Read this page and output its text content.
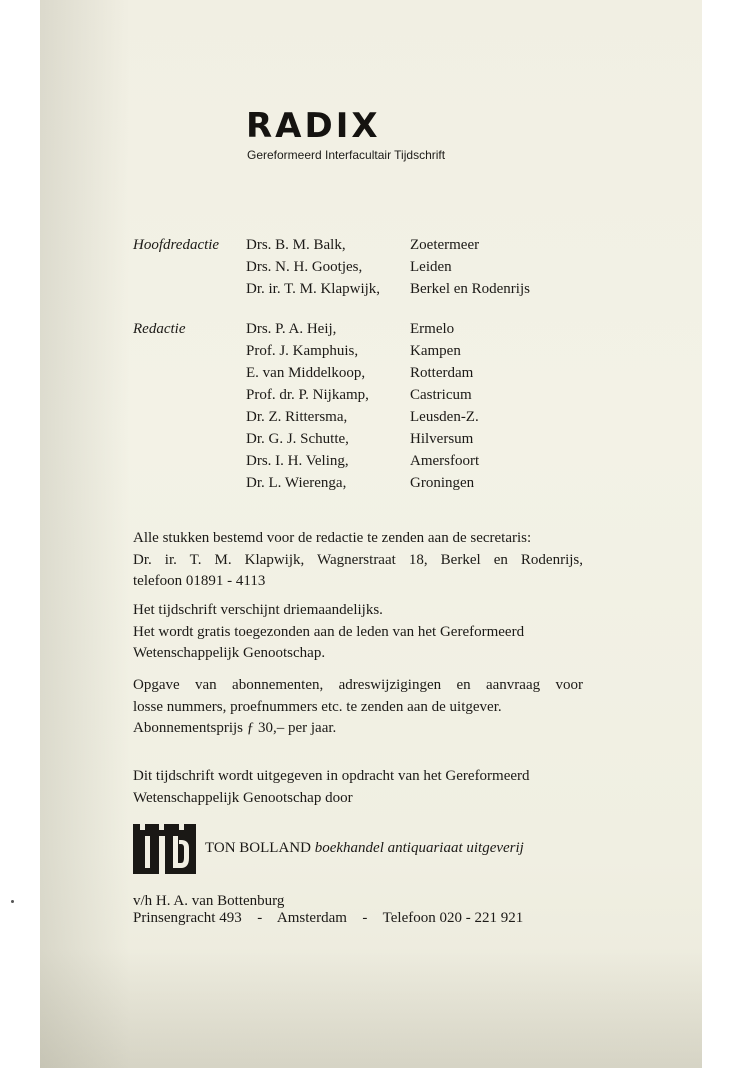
RADIX
Gereformeerd Interfacultair Tijdschrift
Hoofdredactie Drs. B. M. Balk,	Zoetermeer
Drs. N. H. Gootjes,	Leiden
Dr. ir. T. M. Klapwijk, Berkel en Rodenrijs
Redactie	Drs. P. A. Heij,	Ermelo
Prof. J. Kamphuis,	Kampen
E. van Middelkoop,	Rotterdam
Prof. dr. P. Nijkamp,	Castricum
Dr. Z. Rittersma,	Leusden-Z.
Dr. G. J. Schutte,	Hilversum
Drs. I. H. Veling,	Amersfoort
Dr. L. Wierenga,	Groningen
Alle stukken bestemd voor de redactie te zenden aan de secretaris:
Dr. ir. T. M. Klapwijk, Wagnerstraat 18, Berkel en Rodenrijs,
telefoon 01891 - 4113
Het tijdschrift verschijnt driemaandelijks.
Het wordt gratis toegezonden aan de leden van het Gereformeerd
Wetenschappelijk Genootschap.
Opgave van abonnementen, adreswijzigingen en aanvraag voor
losse nummers, proefnummers etc. te zenden aan de uitgever.
Abonnementsprijs ƒ 30,– per jaar.
Dit tijdschrift wordt uitgegeven in opdracht van het Gereformeerd
Wetenschappelijk Genootschap door
TON BOLLAND boekhandel antiquariaat uitgeverij
v/h H. A. van Bottenburg
Prinsengracht 493 - Amsterdam - Telefoon 020 - 221 921
